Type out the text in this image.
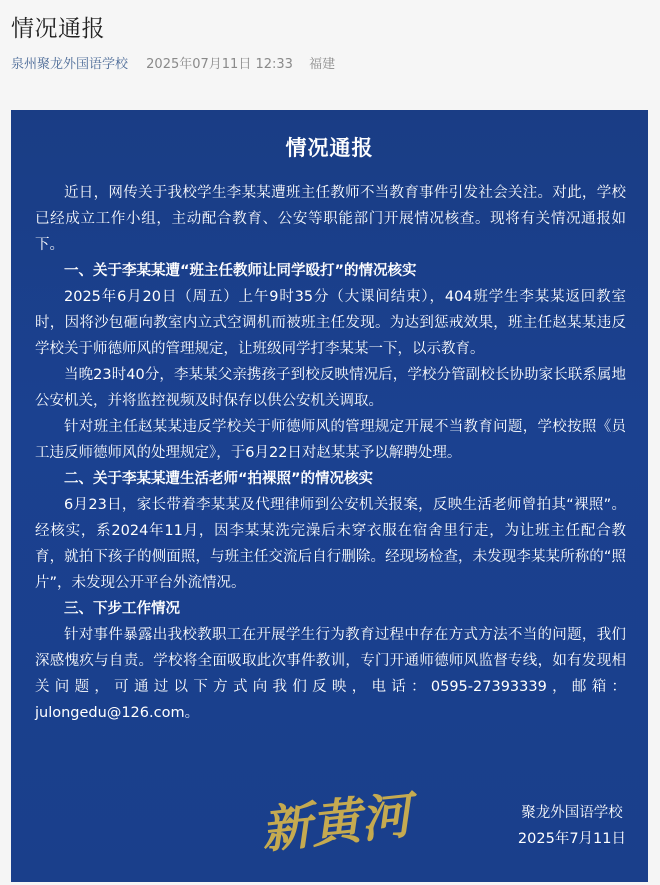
情况通报
泉州聚龙外国语学校 2025年07月11日 12:33 福建
情况通报

近日，网传关于我校学生李某某遭班主任教师不当教育事件引发社会关注。对此，学校已经成立工作小组，主动配合教育、公安等职能部门开展情况核查。现将有关情况通报如下。

一、关于李某某遭“班主任教师让同学殴打”的情况核实

2025年6月20日（周五）上午9时35分（大课间结束），404班学生李某某返回教室时，因将沙包砸向教室内立式空调机而被班主任发现。为达到惩戒效果，班主任赵某某违反学校关于师德师风的管理规定，让班级同学打李某某一下，以示教育。

当晚23时40分，李某某父亲携孩子到校反映情况后，学校分管副校长协助家长联系属地公安机关，并将监控视频及时保存以供公安机关调取。

针对班主任赵某某违反学校关于师德师风的管理规定开展不当教育问题，学校按照《员工违反师德师风的处理规定》，于6月22日对赵某某予以解聘处理。

二、关于李某某遭生活老师“拍裸照”的情况核实

6月23日，家长带着李某某及代理律师到公安机关报案，反映生活老师曾拍其“裸照”。经核实，系2024年11月，因李某某洗完澡后未穿衣服在宿舍里行走，为让班主任配合教育，就拍下孩子的侧面照，与班主任交流后自行删除。经现场检查，未发现李某某所称的“照片”，未发现公开平台外流情况。

三、下步工作情况

针对事件暴露出我校教职工在开展学生行为教育过程中存在方式方法不当的问题，我们深感愧疚与自责。学校将全面吸取此次事件教训，专门开通师德师风监督专线，如有发现相关问题，可通过以下方式向我们反映，电话：0595-27393339，邮箱：julongedu@126.com。

新黄河	聚龙外国语学校
2025年7月11日
